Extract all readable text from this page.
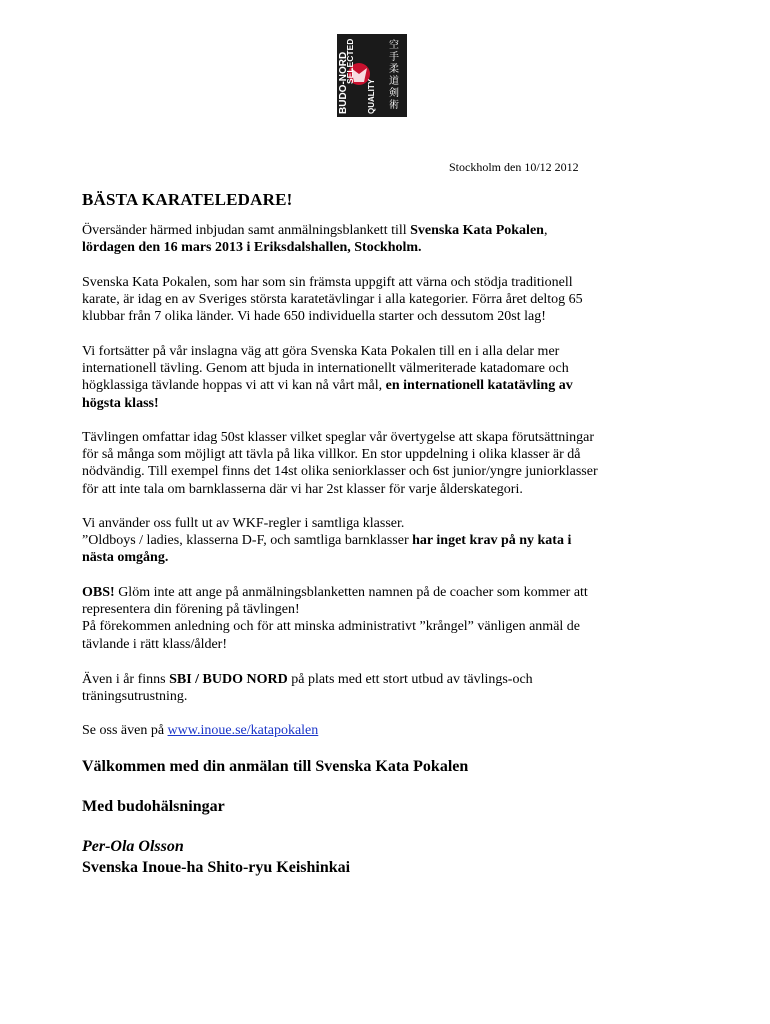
BUDO-NORD
SELECTED
QUALITY
空
手
柔
道
剣
術
Stockholm den 10/12 2012
BÄSTA KARATELEDARE!
Översänder härmed inbjudan samt anmälningsblankett till Svenska Kata Pokalen,
lördagen den 16 mars 2013 i Eriksdalshallen, Stockholm.
Svenska Kata Pokalen, som har som sin främsta uppgift att värna och stödja traditionell
karate, är idag en av Sveriges största karatetävlingar i alla kategorier. Förra året deltog 65
klubbar från 7 olika länder. Vi hade 650 individuella starter och dessutom 20st lag!
Vi fortsätter på vår inslagna väg att göra Svenska Kata Pokalen till en i alla delar mer
internationell tävling. Genom att bjuda in internationellt välmeriterade katadomare och
högklassiga tävlande hoppas vi att vi kan nå vårt mål, en internationell katatävling av
högsta klass!
Tävlingen omfattar idag 50st klasser vilket speglar vår övertygelse att skapa förutsättningar
för så många som möjligt att tävla på lika villkor. En stor uppdelning i olika klasser är då
nödvändig. Till exempel finns det 14st olika seniorklasser och 6st junior/yngre juniorklasser
för att inte tala om barnklasserna där vi har 2st klasser för varje ålderskategori.
Vi använder oss fullt ut av WKF-regler i samtliga klasser.
”Oldboys / ladies, klasserna D-F, och samtliga barnklasser har inget krav på ny kata i
nästa omgång.
OBS! Glöm inte att ange på anmälningsblanketten namnen på de coacher som kommer att
representera din förening på tävlingen!
På förekommen anledning och för att minska administrativt ”krångel” vänligen anmäl de
tävlande i rätt klass/ålder!
Även i år finns SBI / BUDO NORD på plats med ett stort utbud av tävlings-och
träningsutrustning.
Se oss även på www.inoue.se/katapokalen
Välkommen med din anmälan till Svenska Kata Pokalen
Med budohälsningar
Per-Ola Olsson
Svenska Inoue-ha Shito-ryu Keishinkai
